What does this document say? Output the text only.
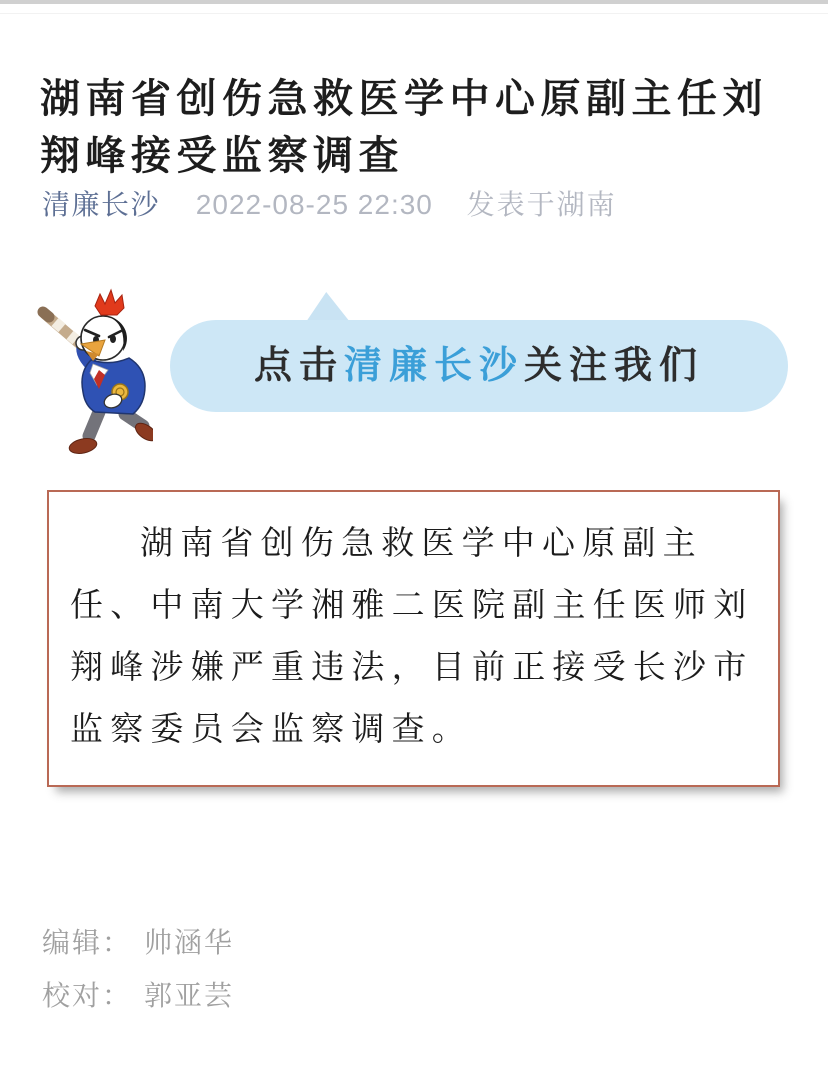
湖南省创伤急救医学中心原副主任刘翔峰接受监察调查
清廉长沙 2022-08-25 22:30 发表于湖南
点击清廉长沙关注我们

湖南省创伤急救医学中心原副主任、中南大学湘雅二医院副主任医师刘翔峰涉嫌严重违法，目前正接受长沙市监察委员会监察调查。

编辑： 帅涵华
校对： 郭亚芸
